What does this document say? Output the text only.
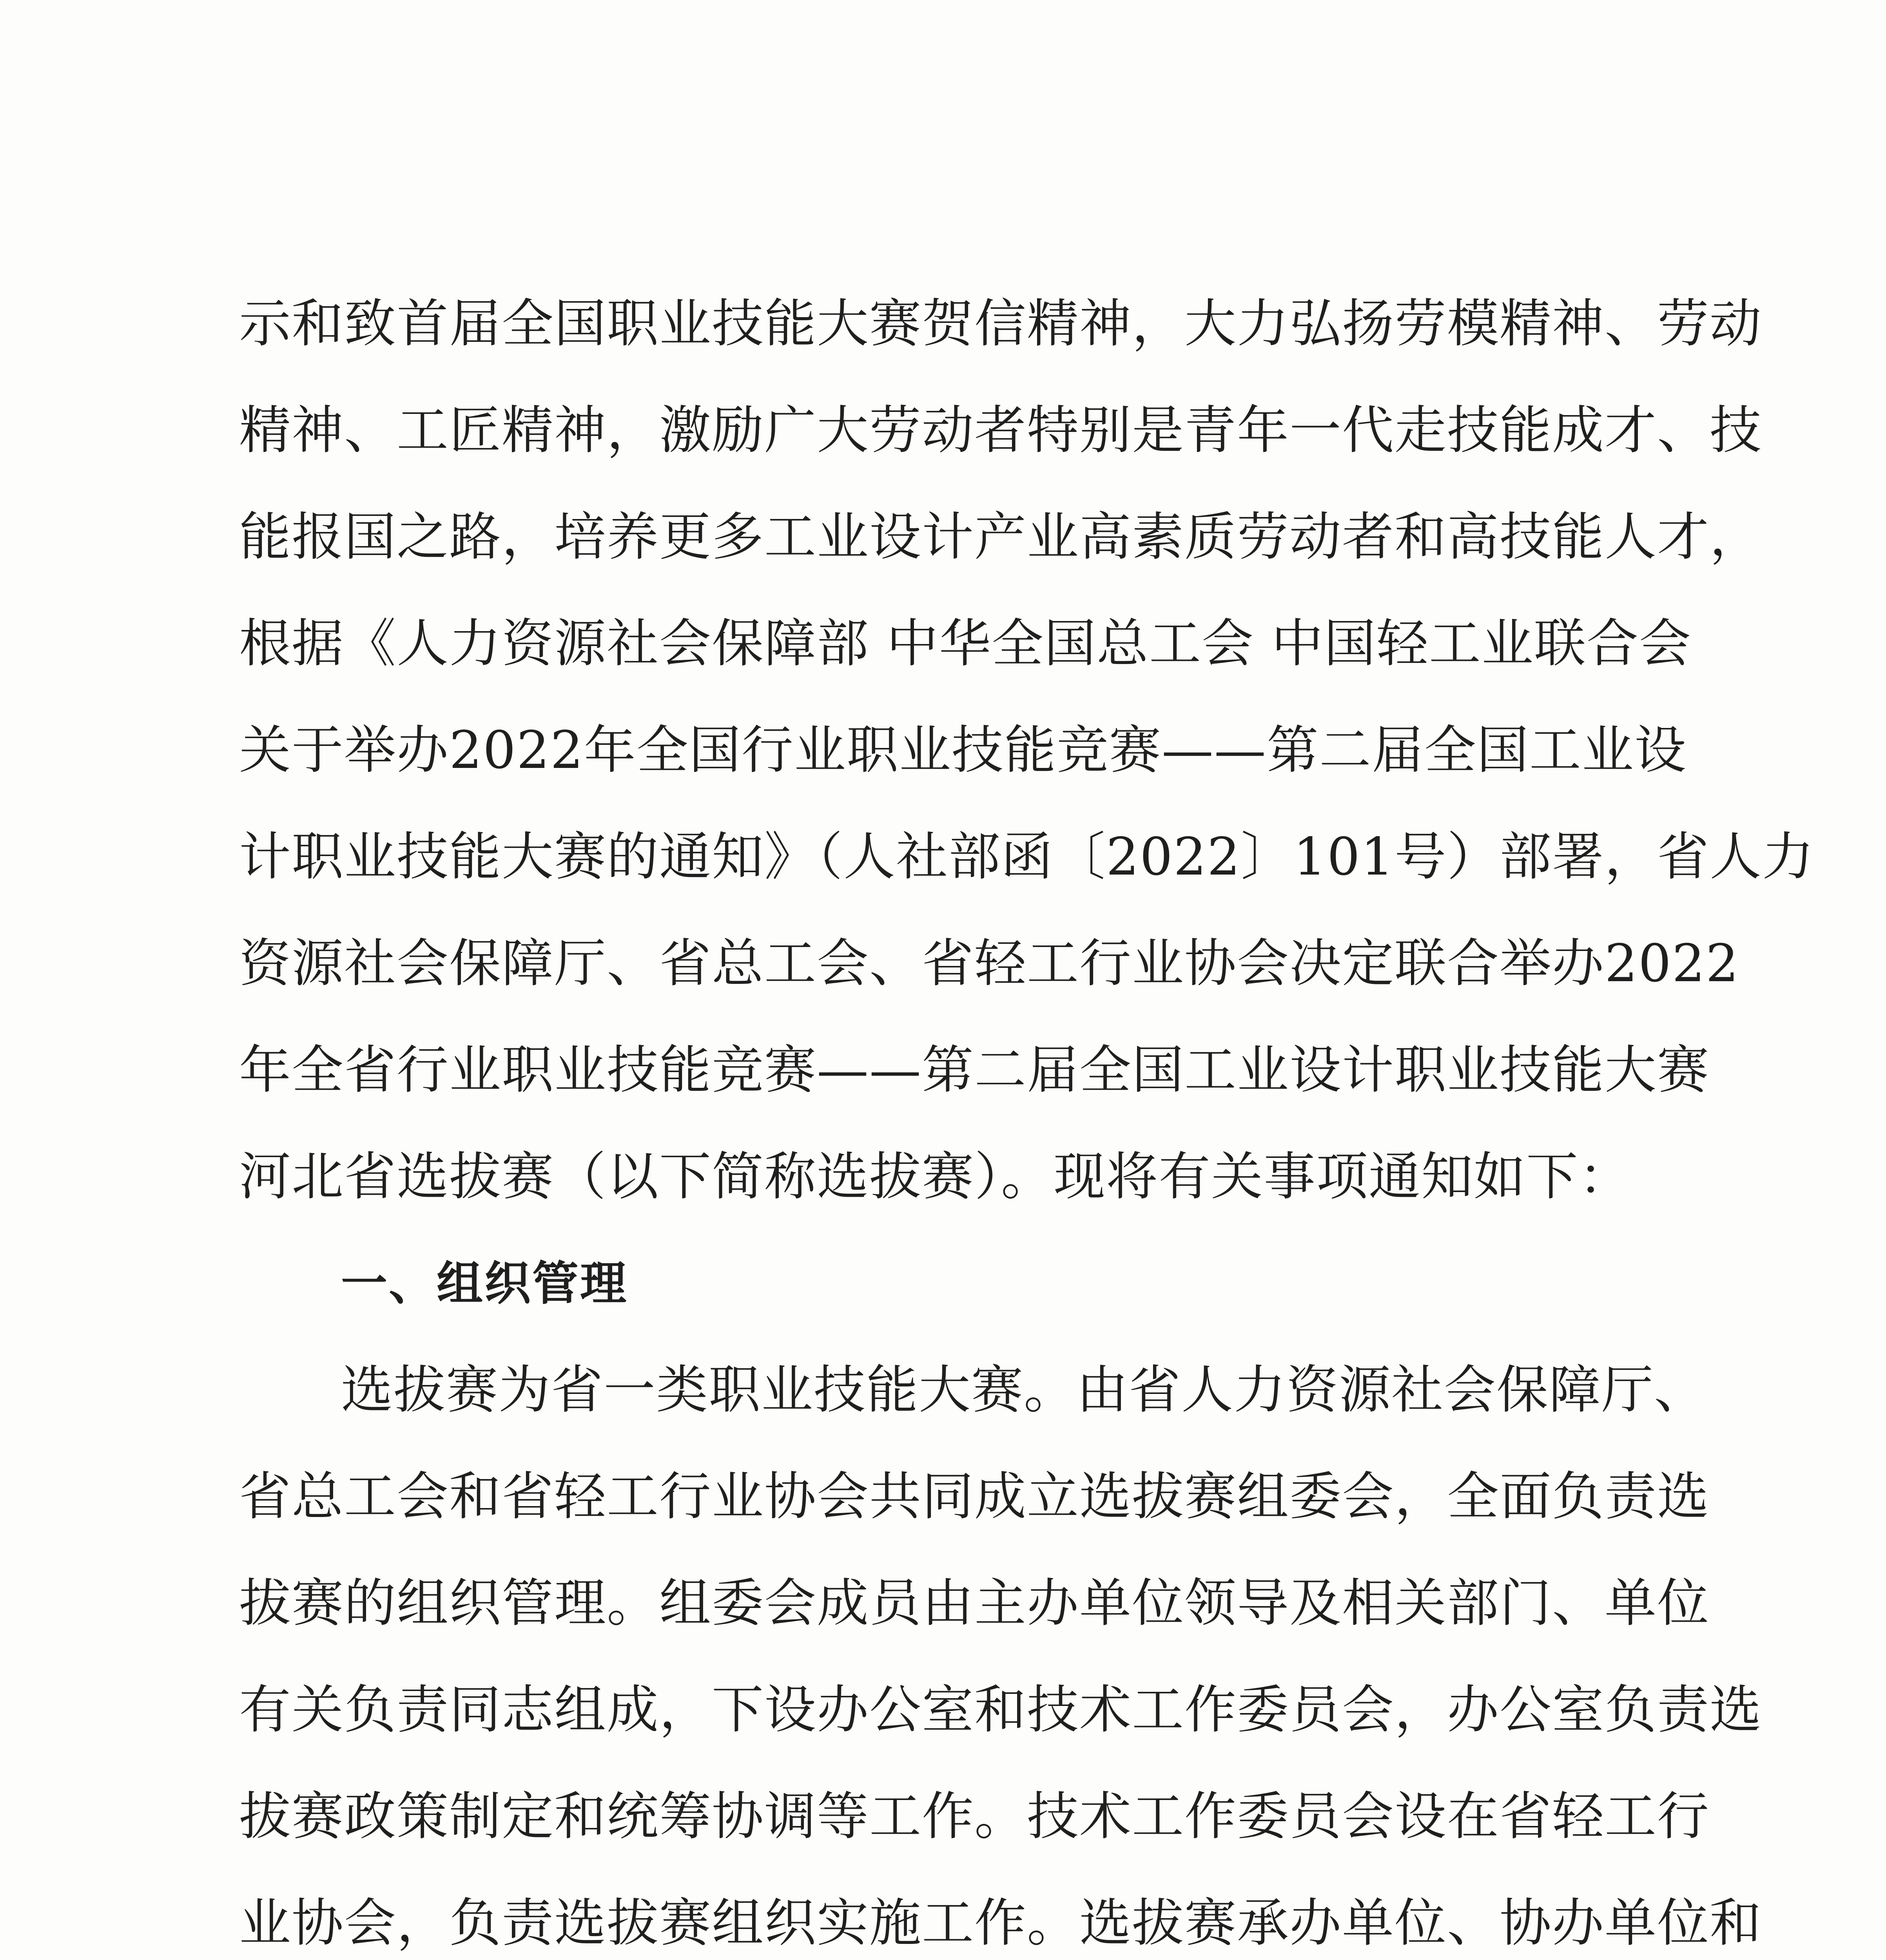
示和致首届全国职业技能大赛贺信精神，大力弘扬劳模精神、劳动
精神、工匠精神，激励广大劳动者特别是青年一代走技能成才、技
能报国之路，培养更多工业设计产业高素质劳动者和高技能人才，
根据《人力资源社会保障部 中华全国总工会 中国轻工业联合会
关于举办2022年全国行业职业技能竞赛——第二届全国工业设
计职业技能大赛的通知》（人社部函〔2022〕101号）部署，省人力
资源社会保障厅、省总工会、省轻工行业协会决定联合举办2022
年全省行业职业技能竞赛——第二届全国工业设计职业技能大赛
河北省选拔赛（以下简称选拔赛）。现将有关事项通知如下：
一、组织管理
选拔赛为省一类职业技能大赛。由省人力资源社会保障厅、
省总工会和省轻工行业协会共同成立选拔赛组委会，全面负责选
拔赛的组织管理。组委会成员由主办单位领导及相关部门、单位
有关负责同志组成，下设办公室和技术工作委员会，办公室负责选
拔赛政策制定和统筹协调等工作。技术工作委员会设在省轻工行
业协会，负责选拔赛组织实施工作。选拔赛承办单位、协办单位和
